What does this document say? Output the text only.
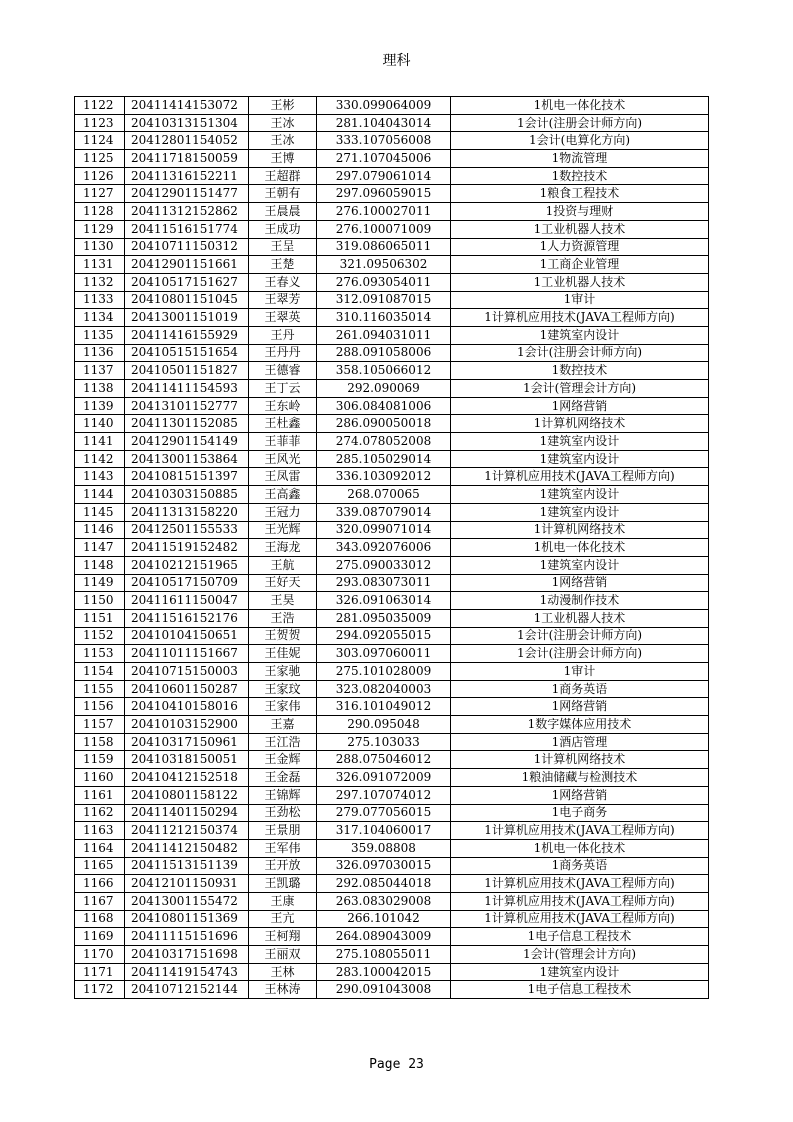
理科
1122	20411414153072	王彬	330.099064009	1机电一体化技术
1123	20410313151304	王冰	281.104043014	1会计(注册会计师方向)
1124	20412801154052	王冰	333.107056008	1会计(电算化方向)
1125	20411718150059	王博	271.107045006	1物流管理
1126	20411316152211	王超群	297.079061014	1数控技术
1127	20412901151477	王朝有	297.096059015	1粮食工程技术
1128	20411312152862	王晨晨	276.100027011	1投资与理财
1129	20411516151774	王成功	276.100071009	1工业机器人技术
1130	20410711150312	王呈	319.086065011	1人力资源管理
1131	20412901151661	王楚	321.09506302	1工商企业管理
1132	20410517151627	王春义	276.093054011	1工业机器人技术
1133	20410801151045	王翠芳	312.091087015	1审计
1134	20413001151019	王翠英	310.116035014	1计算机应用技术(JAVA工程师方向)
1135	20411416155929	王丹	261.094031011	1建筑室内设计
1136	20410515151654	王丹丹	288.091058006	1会计(注册会计师方向)
1137	20410501151827	王德睿	358.105066012	1数控技术
1138	20411411154593	王丁云	292.090069	1会计(管理会计方向)
1139	20413101152777	王东岭	306.084081006	1网络营销
1140	20411301152085	王杜鑫	286.090050018	1计算机网络技术
1141	20412901154149	王菲菲	274.078052008	1建筑室内设计
1142	20413001153864	王风光	285.105029014	1建筑室内设计
1143	20410815151397	王凤雷	336.103092012	1计算机应用技术(JAVA工程师方向)
1144	20410303150885	王高鑫	268.070065	1建筑室内设计
1145	20411313158220	王冠力	339.087079014	1建筑室内设计
1146	20412501155533	王光辉	320.099071014	1计算机网络技术
1147	20411519152482	王海龙	343.092076006	1机电一体化技术
1148	20410212151965	王航	275.090033012	1建筑室内设计
1149	20410517150709	王好天	293.083073011	1网络营销
1150	20411611150047	王昊	326.091063014	1动漫制作技术
1151	20411516152176	王浩	281.095035009	1工业机器人技术
1152	20410104150651	王贺贺	294.092055015	1会计(注册会计师方向)
1153	20411011151667	王佳妮	303.097060011	1会计(注册会计师方向)
1154	20410715150003	王家驰	275.101028009	1审计
1155	20410601150287	王家玟	323.082040003	1商务英语
1156	20410410158016	王家伟	316.101049012	1网络营销
1157	20410103152900	王嘉	290.095048	1数字媒体应用技术
1158	20410317150961	王江浩	275.103033	1酒店管理
1159	20410318150051	王金辉	288.075046012	1计算机网络技术
1160	20410412152518	王金磊	326.091072009	1粮油储藏与检测技术
1161	20410801158122	王锦辉	297.107074012	1网络营销
1162	20411401150294	王劲松	279.077056015	1电子商务
1163	20411212150374	王景朋	317.104060017	1计算机应用技术(JAVA工程师方向)
1164	20411412150482	王军伟	359.08808	1机电一体化技术
1165	20411513151139	王开放	326.097030015	1商务英语
1166	20412101150931	王凯璐	292.085044018	1计算机应用技术(JAVA工程师方向)
1167	20413001155472	王康	263.083029008	1计算机应用技术(JAVA工程师方向)
1168	20410801151369	王亢	266.101042	1计算机应用技术(JAVA工程师方向)
1169	20411115151696	王柯翔	264.089043009	1电子信息工程技术
1170	20410317151698	王丽双	275.108055011	1会计(管理会计方向)
1171	20411419154743	王林	283.100042015	1建筑室内设计
1172	20410712152144	王林涛	290.091043008	1电子信息工程技术
Page 23
